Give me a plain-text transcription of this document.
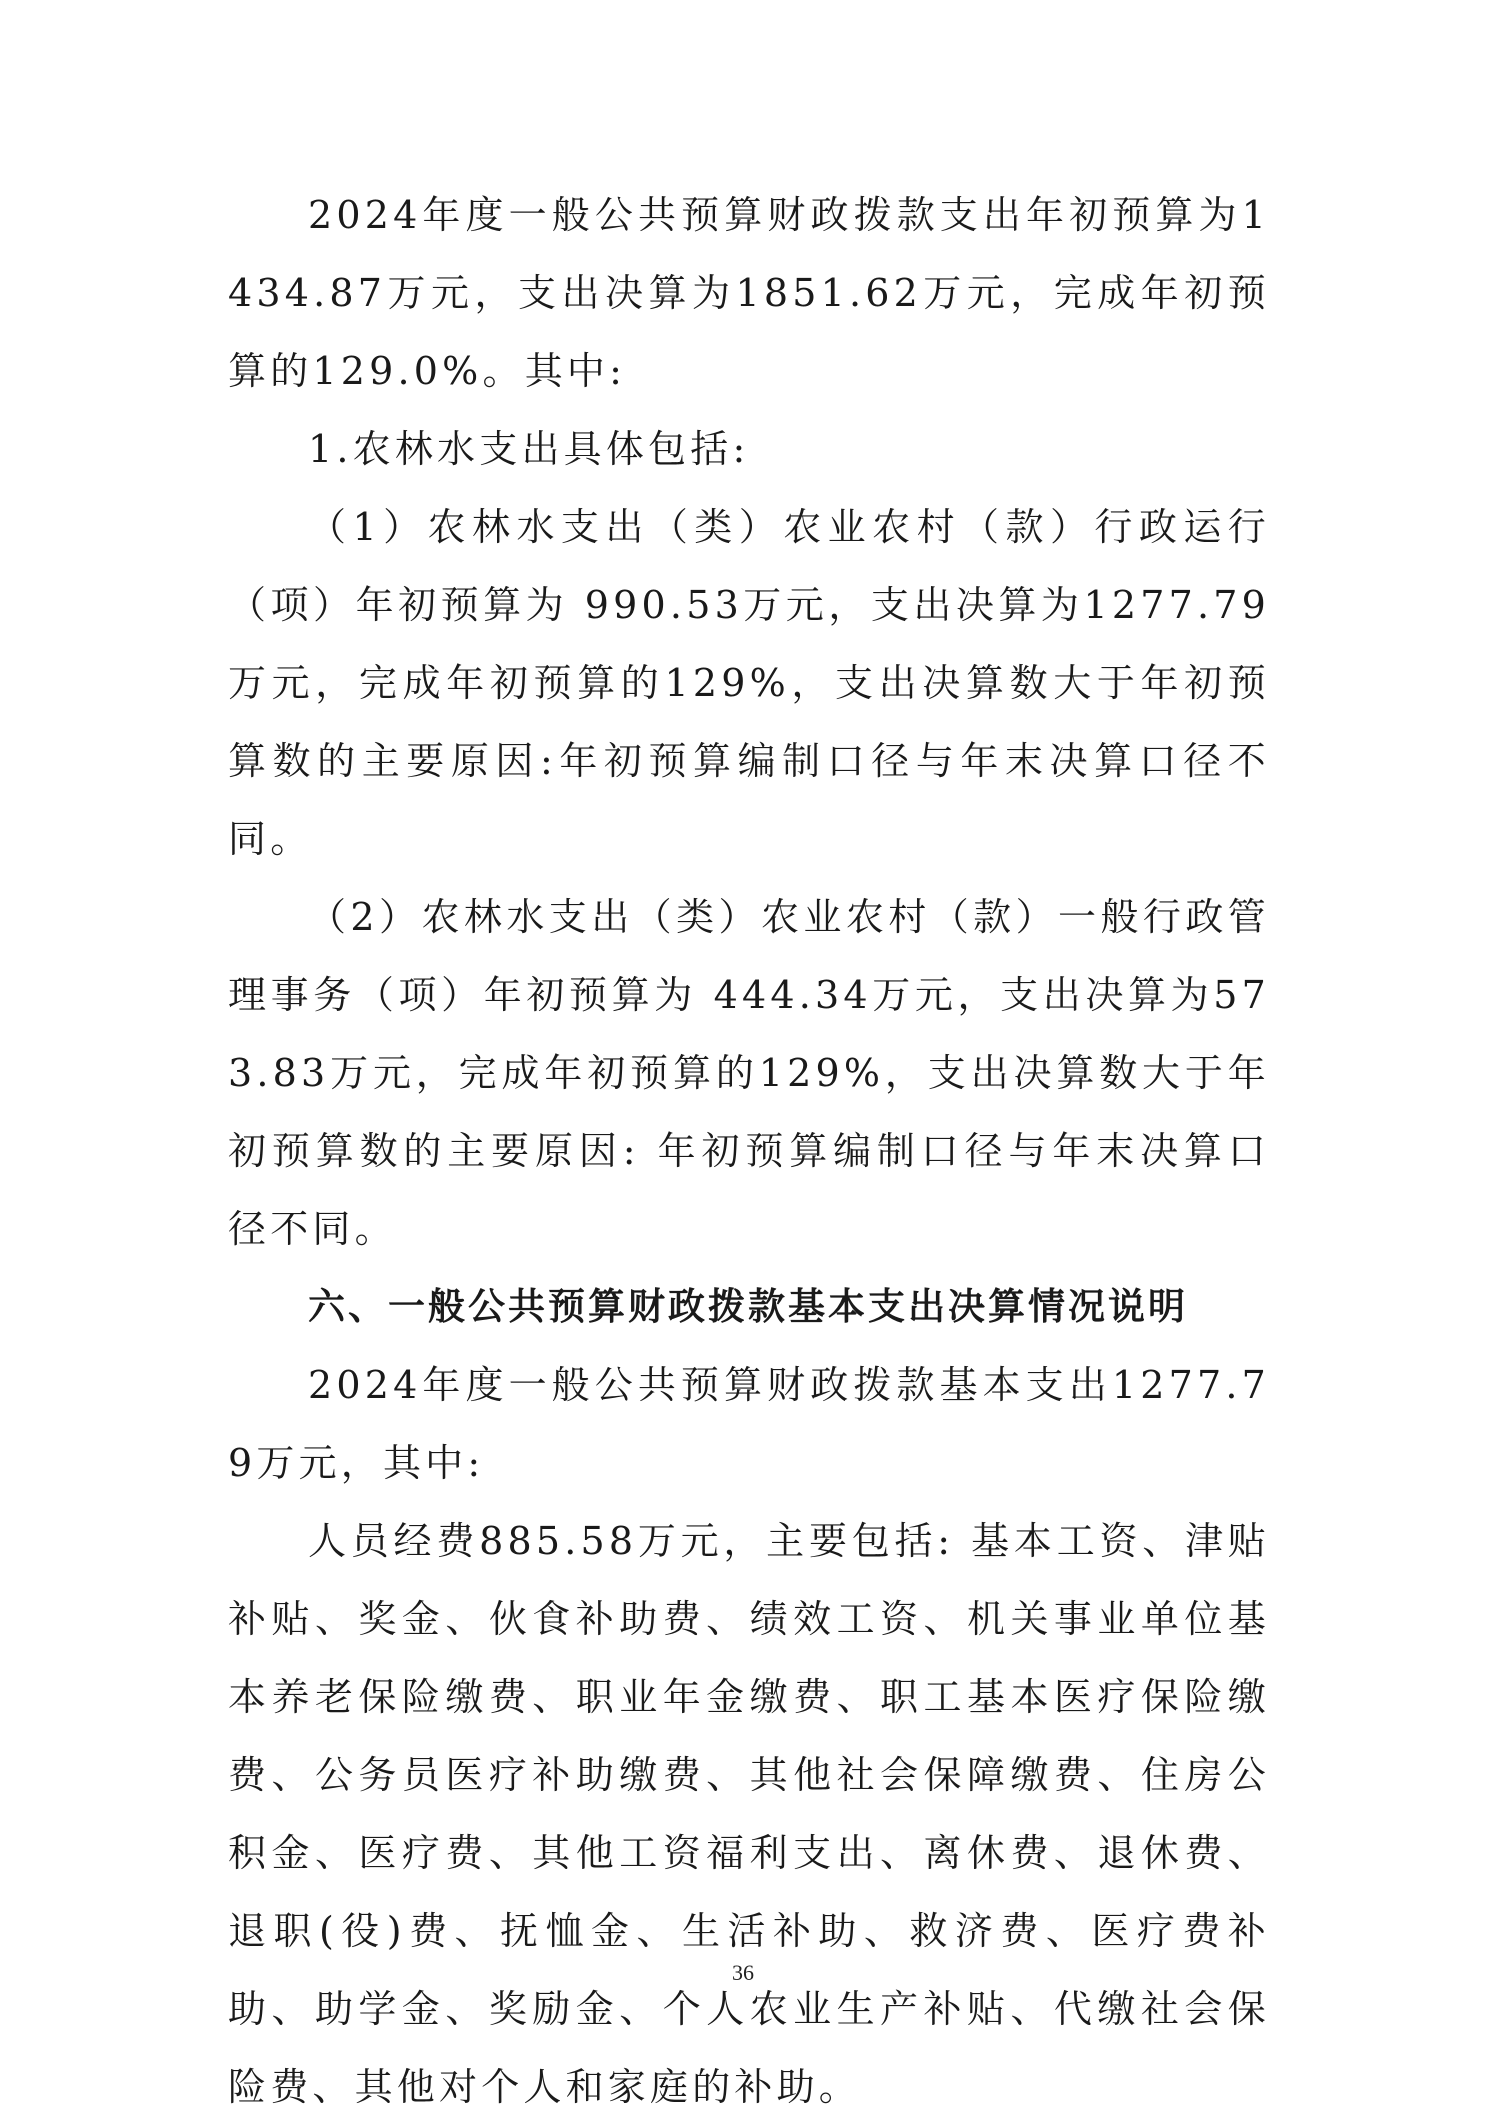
2024年度一般公共预算财政拨款支出年初预算为1434.87万元，支出决算为1851.62万元，完成年初预算的129.0%。其中:

1.农林水支出具体包括:

（1）农林水支出（类）农业农村（款）行政运行（项）年初预算为 990.53万元，支出决算为1277.79万元，完成年初预算的129%，支出决算数大于年初预算数的主要原因:年初预算编制口径与年末决算口径不同。

（2）农林水支出（类）农业农村（款）一般行政管理事务（项）年初预算为 444.34万元，支出决算为573.83万元，完成年初预算的129%，支出决算数大于年初预算数的主要原因: 年初预算编制口径与年末决算口径不同。

六、一般公共预算财政拨款基本支出决算情况说明

2024年度一般公共预算财政拨款基本支出1277.79万元，其中:

人员经费885.58万元，主要包括: 基本工资、津贴补贴、奖金、伙食补助费、绩效工资、机关事业单位基本养老保险缴费、职业年金缴费、职工基本医疗保险缴费、公务员医疗补助缴费、其他社会保障缴费、住房公积金、医疗费、其他工资福利支出、离休费、退休费、退职(役)费、抚恤金、生活补助、救济费、医疗费补助、助学金、奖励金、个人农业生产补贴、代缴社会保险费、其他对个人和家庭的补助。

36
